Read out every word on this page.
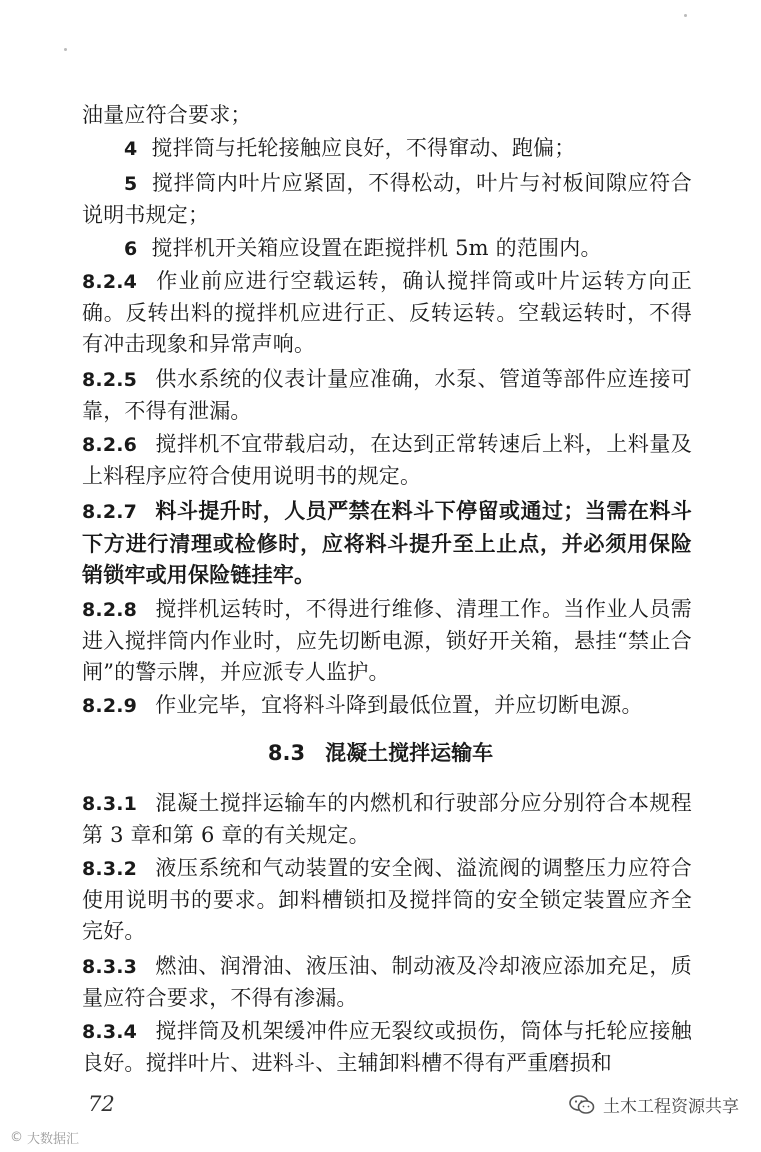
油量应符合要求；
4 搅拌筒与托轮接触应良好，不得窜动、跑偏；
5 搅拌筒内叶片应紧固，不得松动，叶片与衬板间隙应符合说明书规定；
6 搅拌机开关箱应设置在距搅拌机 5m 的范围内。
8.2.4 作业前应进行空载运转，确认搅拌筒或叶片运转方向正确。反转出料的搅拌机应进行正、反转运转。空载运转时，不得有冲击现象和异常声响。
8.2.5 供水系统的仪表计量应准确，水泵、管道等部件应连接可靠，不得有泄漏。
8.2.6 搅拌机不宜带载启动，在达到正常转速后上料，上料量及上料程序应符合使用说明书的规定。
8.2.7 料斗提升时，人员严禁在料斗下停留或通过；当需在料斗下方进行清理或检修时，应将料斗提升至上止点，并必须用保险销锁牢或用保险链挂牢。
8.2.8 搅拌机运转时，不得进行维修、清理工作。当作业人员需进入搅拌筒内作业时，应先切断电源，锁好开关箱，悬挂“禁止合闸”的警示牌，并应派专人监护。
8.2.9 作业完毕，宜将料斗降到最低位置，并应切断电源。
8.3 混凝土搅拌运输车
8.3.1 混凝土搅拌运输车的内燃机和行驶部分应分别符合本规程第 3 章和第 6 章的有关规定。
8.3.2 液压系统和气动装置的安全阀、溢流阀的调整压力应符合使用说明书的要求。卸料槽锁扣及搅拌筒的安全锁定装置应齐全完好。
8.3.3 燃油、润滑油、液压油、制动液及冷却液应添加充足，质量应符合要求，不得有渗漏。
8.3.4 搅拌筒及机架缓冲件应无裂纹或损伤，筒体与托轮应接触良好。搅拌叶片、进料斗、主辅卸料槽不得有严重磨损和
72	土木工程资源共享
© 大数据汇
